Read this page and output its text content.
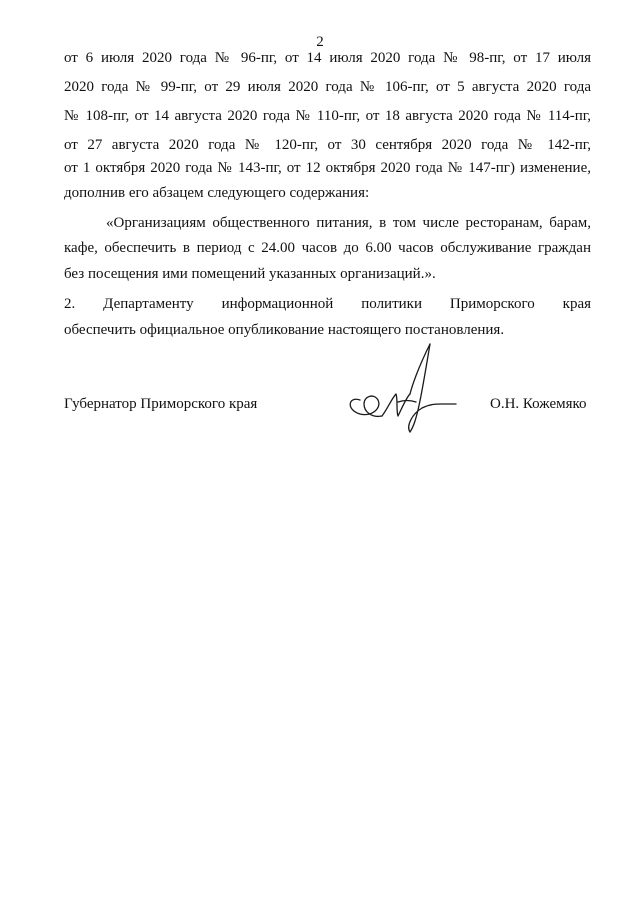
2
от 6 июля 2020 года № 96-пг, от 14 июля 2020 года № 98-пг, от 17 июля
2020 года № 99-пг, от 29 июля 2020 года № 106-пг, от 5 августа 2020 года
№ 108-пг, от 14 августа 2020 года № 110-пг, от 18 августа 2020 года № 114-пг,
от 27 августа 2020 года № 120-пг, от 30 сентября 2020 года № 142-пг,
от 1 октября 2020 года № 143-пг, от 12 октября 2020 года № 147-пг) изменение,
дополнив его абзацем следующего содержания:
«Организациям общественного питания, в том числе ресторанам, барам,
кафе, обеспечить в период с 24.00 часов до 6.00 часов обслуживание граждан
без посещения ими помещений указанных организаций.».
2. Департаменту информационной политики Приморского края
обеспечить официальное опубликование настоящего постановления.
Губернатор Приморского края	О.Н. Кожемяко
